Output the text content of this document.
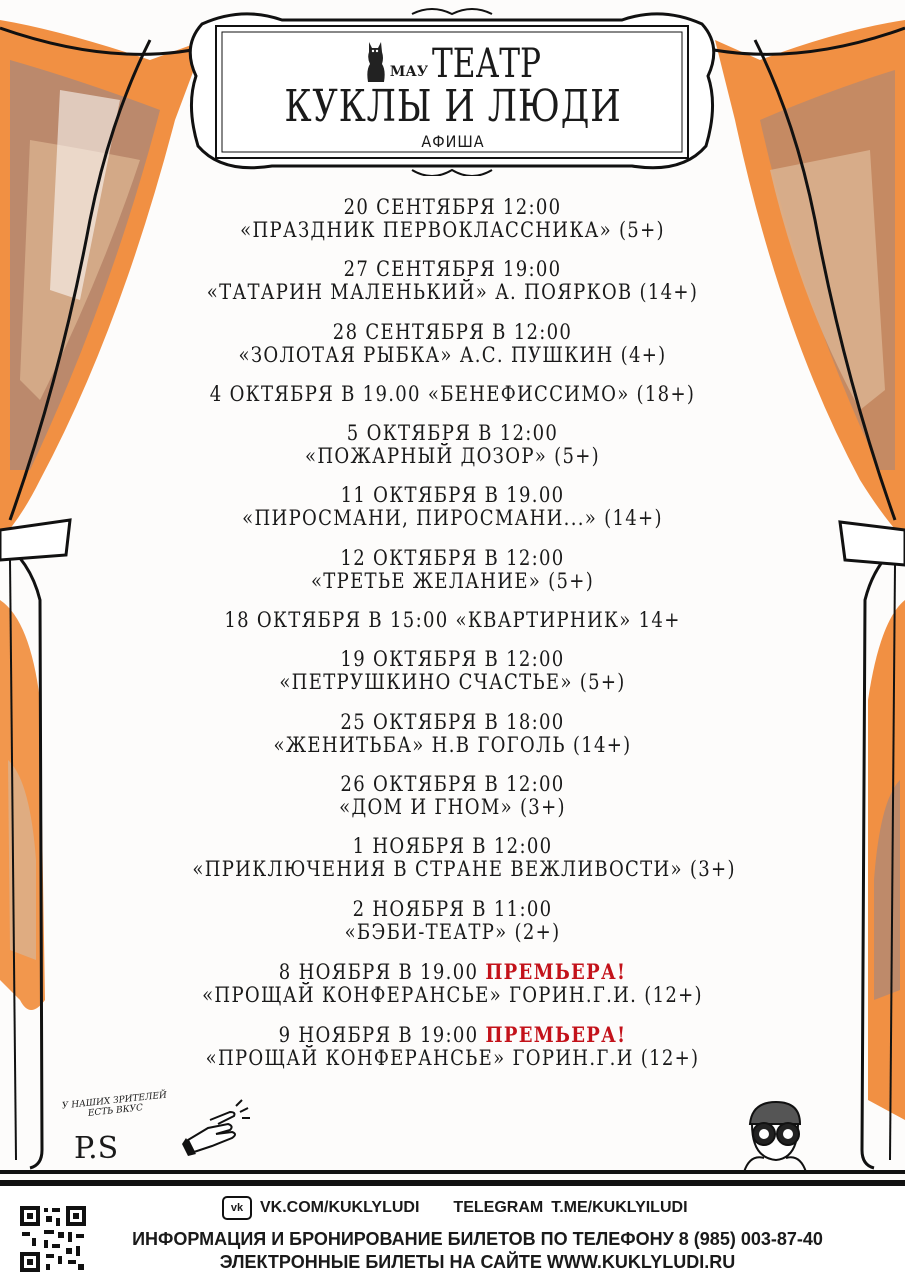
МАУ ТЕАТР
КУКЛЫ И ЛЮДИ
АФИША
20 СЕНТЯБРЯ 12:00
«ПРАЗДНИК ПЕРВОКЛАССНИКА» (5+)
27 СЕНТЯБРЯ 19:00
«ТАТАРИН МАЛЕНЬКИЙ» А. ПОЯРКОВ (14+)
28 СЕНТЯБРЯ В 12:00
«ЗОЛОТАЯ РЫБКА» А.С. ПУШКИН (4+)
4 ОКТЯБРЯ В 19.00 «БЕНЕФИССИМО» (18+)
5 ОКТЯБРЯ В 12:00
«ПОЖАРНЫЙ ДОЗОР» (5+)
11 ОКТЯБРЯ В 19.00
«ПИРОСМАНИ, ПИРОСМАНИ...» (14+)
12 ОКТЯБРЯ В 12:00
«ТРЕТЬЕ ЖЕЛАНИЕ» (5+)
18 ОКТЯБРЯ В 15:00 «КВАРТИРНИК» 14+
19 ОКТЯБРЯ В 12:00
«ПЕТРУШКИНО СЧАСТЬЕ» (5+)
25 ОКТЯБРЯ В 18:00
«ЖЕНИТЬБА» Н.В ГОГОЛЬ (14+)
26 ОКТЯБРЯ В 12:00
«ДОМ И ГНОМ» (3+)
1 НОЯБРЯ В 12:00
«ПРИКЛЮЧЕНИЯ В СТРАНЕ ВЕЖЛИВОСТИ» (3+)
2 НОЯБРЯ В 11:00
«БЭБИ-ТЕАТР» (2+)
8 НОЯБРЯ В 19.00 ПРЕМЬЕРА!
«ПРОЩАЙ КОНФЕРАНСЬЕ» ГОРИН.Г.И. (12+)
9 НОЯБРЯ В 19:00 ПРЕМЬЕРА!
«ПРОЩАЙ КОНФЕРАНСЬЕ» ГОРИН.Г.И (12+)
У НАШИХ ЗРИТЕЛЕЙ ЕСТЬ ВКУС
P.S
vk	VK.COM/KUKLYLUDI TELEGRAM T.ME/KUKLYILUDI
ИНФОРМАЦИЯ И БРОНИРОВАНИЕ БИЛЕТОВ ПО ТЕЛЕФОНУ 8 (985) 003-87-40
ЭЛЕКТРОННЫЕ БИЛЕТЫ НА САЙТЕ WWW.KUKLYLUDI.RU
